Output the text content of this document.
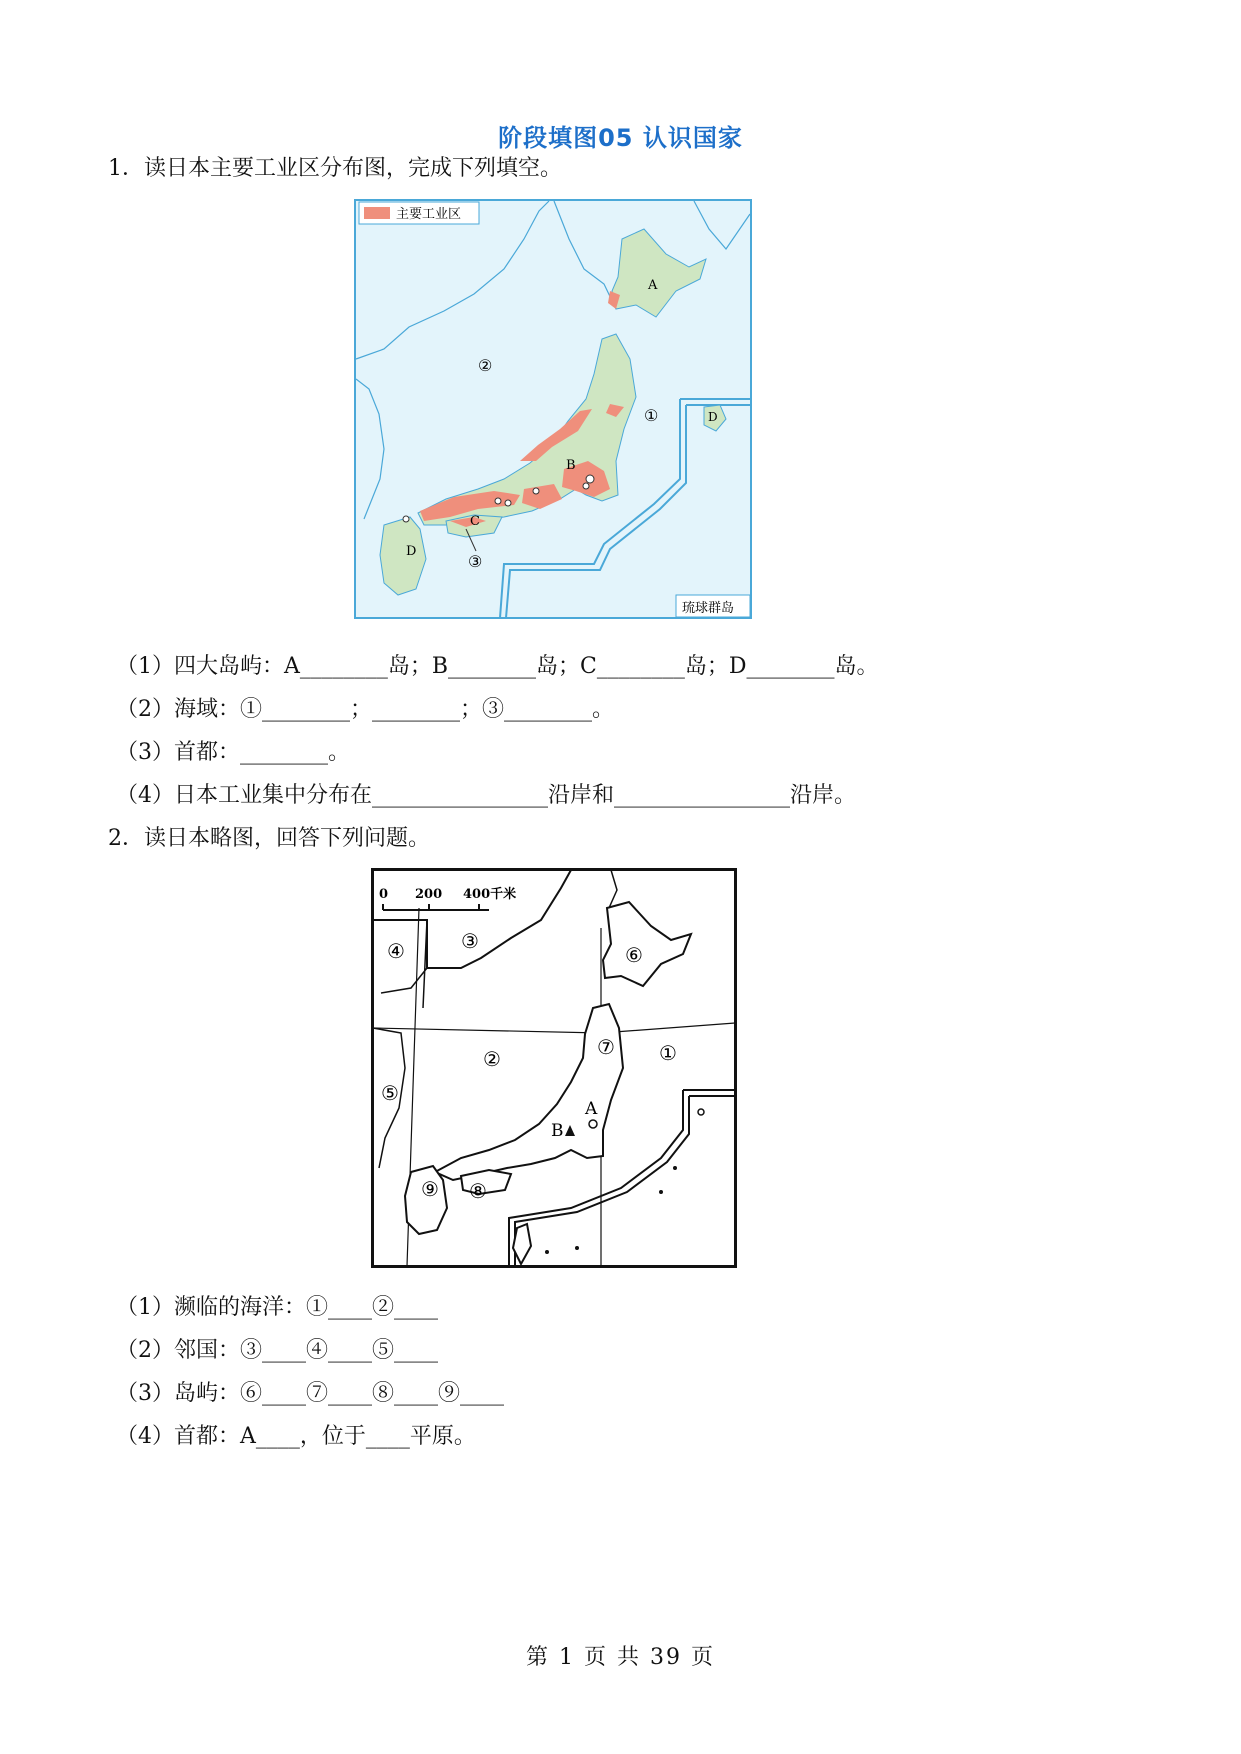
阶段填图05 认识国家
1．读日本主要工业区分布图，完成下列填空。
主要工业区
A
B
C
D
D
①
②
③
琉球群岛
（1）四大岛屿：A________岛；B________岛；C________岛；D________岛。
（2）海域：①________；________；③________。
（3）首都：________。
（4）日本工业集中分布在________________沿岸和________________沿岸。
2．读日本略图，回答下列问题。
0 200 400千米
①
②
③
④
⑤
⑥
⑦
⑧
⑨
A
B
（1）濒临的海洋：①____②____
（2）邻国：③____④____⑤____
（3）岛屿：⑥____⑦____⑧____⑨____
（4）首都：A____，位于____平原。
第 1 页 共 39 页
